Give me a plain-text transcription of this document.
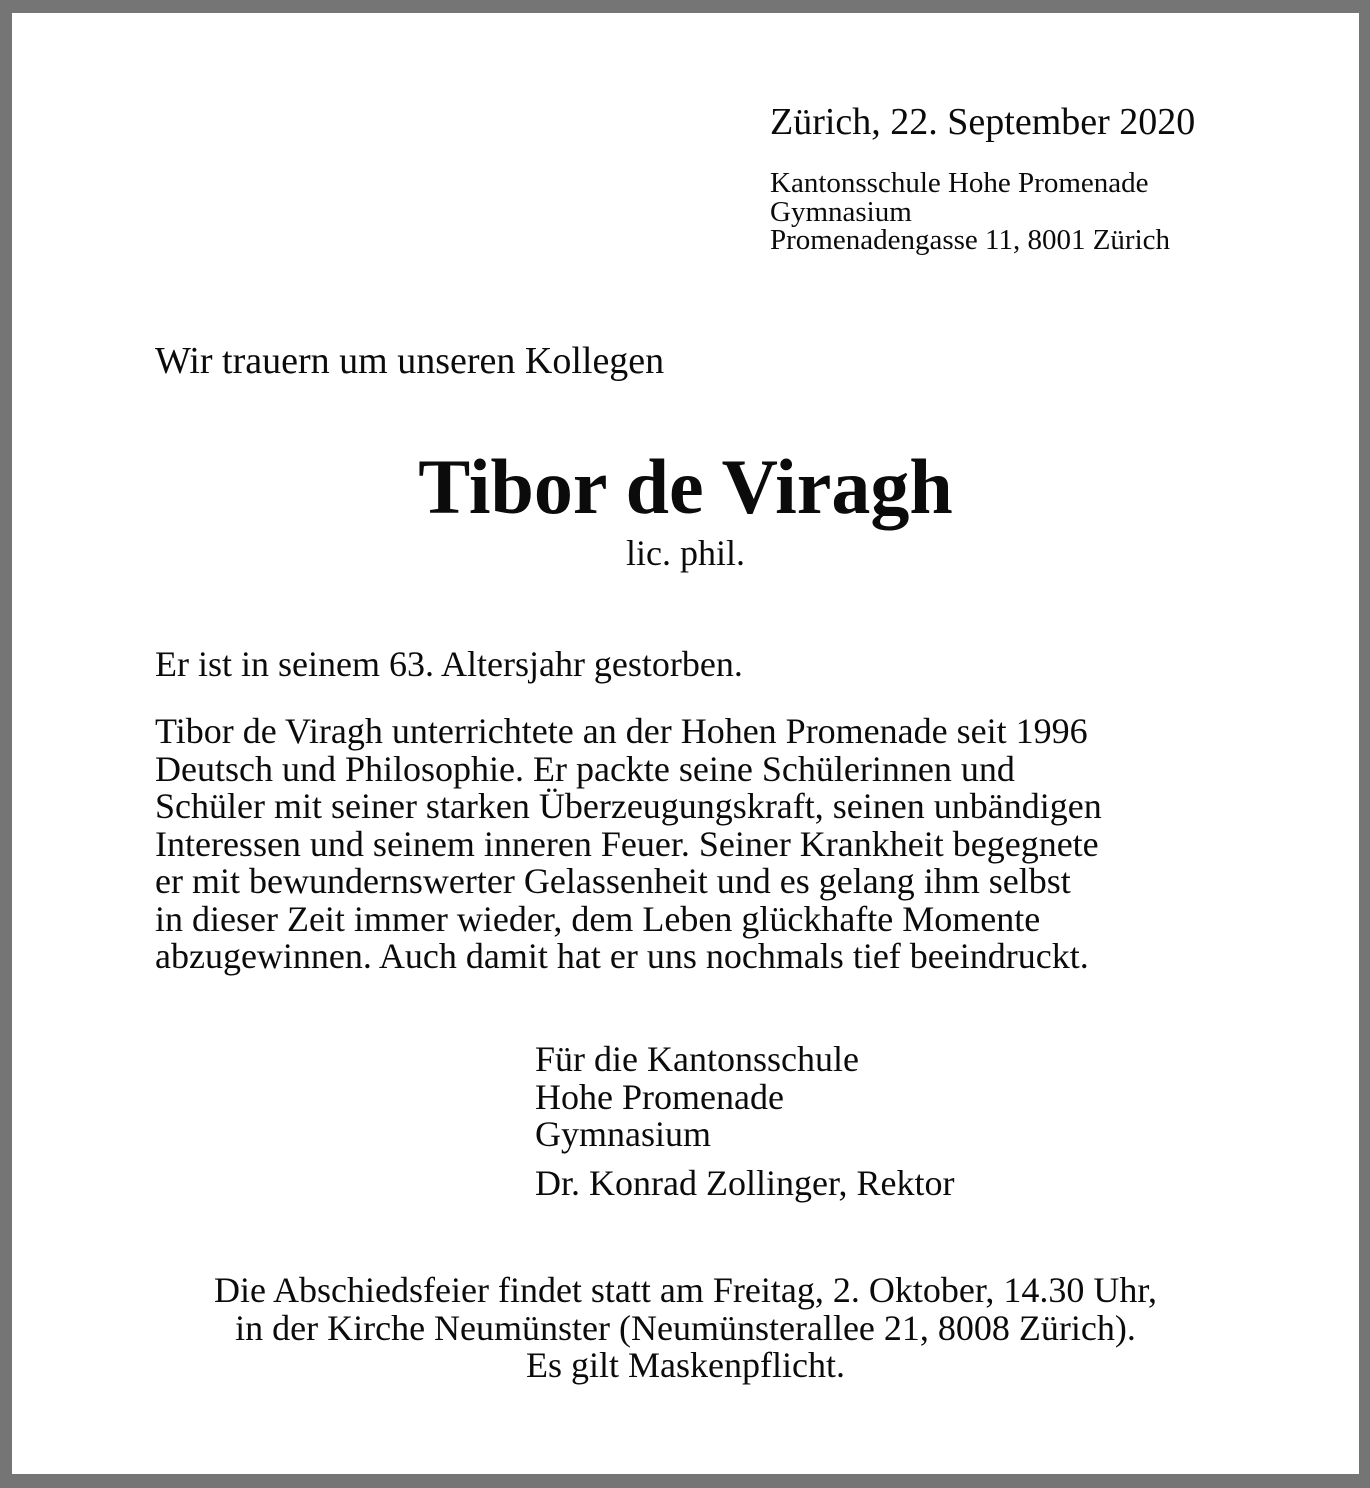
Zürich, 22. September 2020
Kantonsschule Hohe Promenade
Gymnasium
Promenadengasse 11, 8001 Zürich
Wir trauern um unseren Kollegen
Tibor de Viragh
lic. phil.
Er ist in seinem 63. Altersjahr gestorben.
Tibor de Viragh unterrichtete an der Hohen Promenade seit 1996
Deutsch und Philosophie. Er packte seine Schülerinnen und
Schüler mit seiner starken Überzeugungskraft, seinen unbändigen
Interessen und seinem inneren Feuer. Seiner Krankheit begegnete
er mit bewundernswerter Gelassenheit und es gelang ihm selbst
in dieser Zeit immer wieder, dem Leben glückhafte Momente
abzugewinnen. Auch damit hat er uns nochmals tief beeindruckt.
Für die Kantonsschule
Hohe Promenade
Gymnasium
Dr. Konrad Zollinger, Rektor
Die Abschiedsfeier findet statt am Freitag, 2. Oktober, 14.30 Uhr,
in der Kirche Neumünster (Neumünsterallee 21, 8008 Zürich).
Es gilt Maskenpflicht.
